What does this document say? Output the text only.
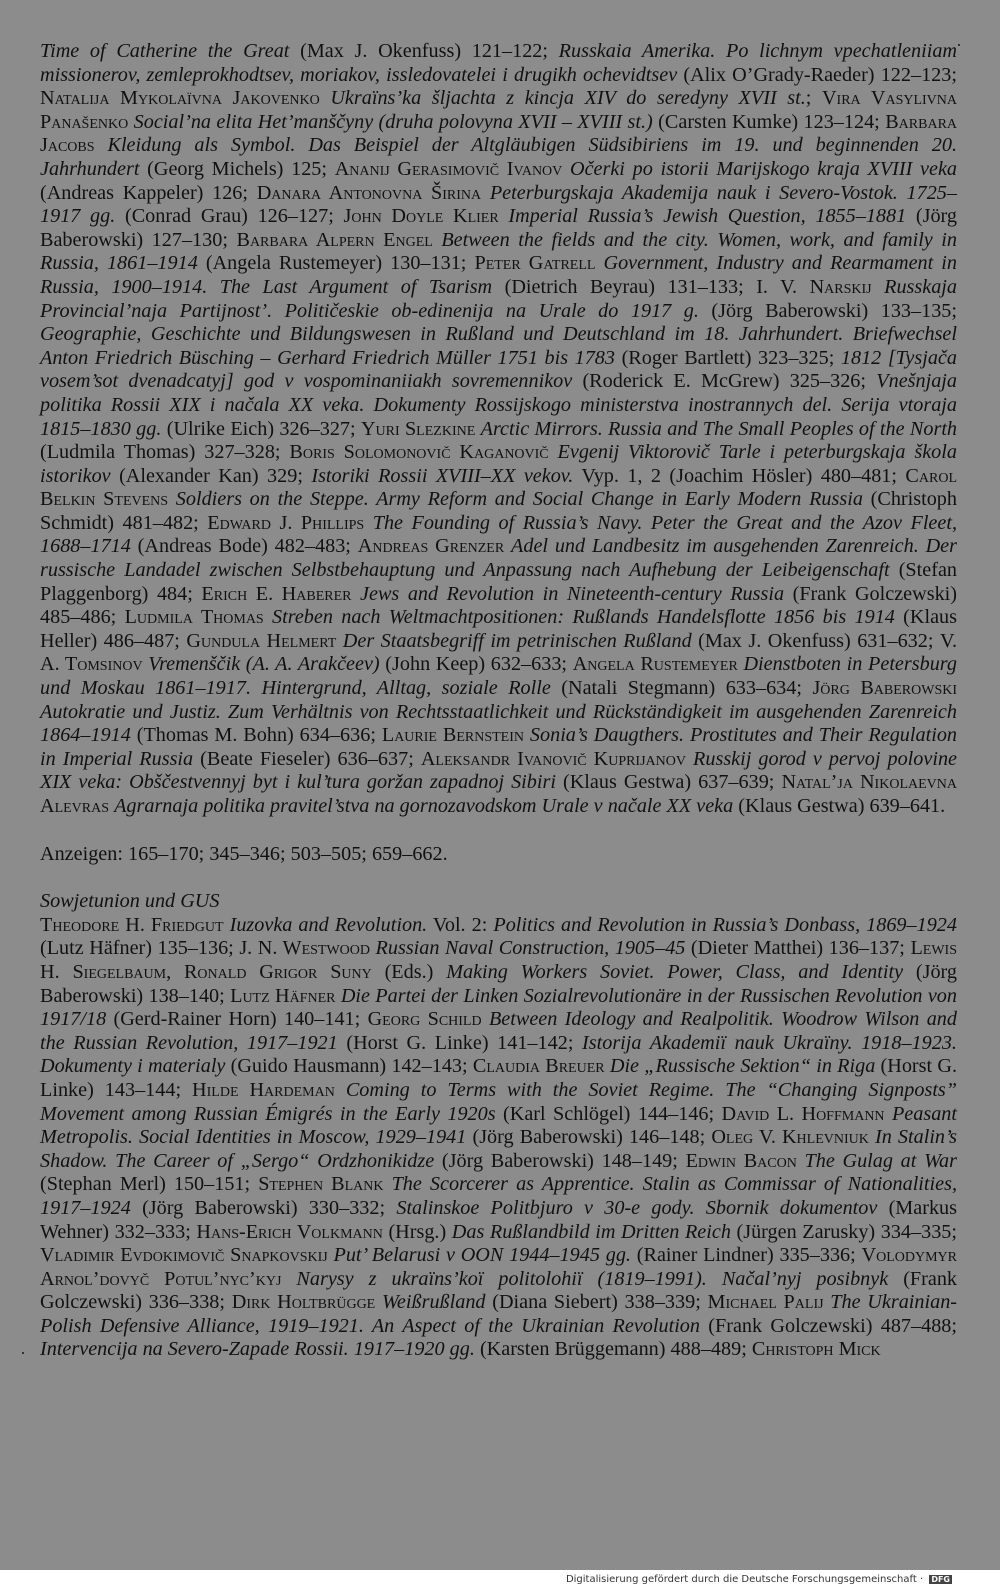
Time of Catherine the Great (Max J. Okenfuss) 121–122; Russkaia Amerika. Po lichnym vpechatleniiam missionerov, zemleprokhodtsev, moriakov, issledovatelei i drugikh ochevidtsev (Alix O’Grady-Raeder) 122–123; Natalija Mykolaïvna Jakovenko Ukraïns’ka šljachta z kincja XIV do seredyny XVII st.; Vira Vasylivna Panašenko Social’na elita Het’manščyny (druha polovyna XVII – XVIII st.) (Carsten Kumke) 123–124; Barbara Jacobs Kleidung als Symbol. Das Beispiel der Altgläubigen Südsibiriens im 19. und beginnenden 20. Jahrhundert (Georg Michels) 125; Ananij Gerasimovič Ivanov Očerki po istorii Marijskogo kraja XVIII veka (Andreas Kappeler) 126; Danara Antonovna Širina Peterburgskaja Akademija nauk i Severo-Vostok. 1725–1917 gg. (Conrad Grau) 126–127; John Doyle Klier Imperial Russia’s Jewish Question, 1855–1881 (Jörg Baberowski) 127–130; Barbara Alpern Engel Between the fields and the city. Women, work, and family in Russia, 1861–1914 (Angela Rustemeyer) 130–131; Peter Gatrell Government, Industry and Rearmament in Russia, 1900–1914. The Last Argument of Tsarism (Dietrich Beyrau) 131–133; I. V. Narskij Russkaja Provincial’naja Partijnost’. Političeskie ob-edinenija na Urale do 1917 g. (Jörg Baberowski) 133–135; Geographie, Geschichte und Bildungswesen in Rußland und Deutschland im 18. Jahrhundert. Briefwechsel Anton Friedrich Büsching – Gerhard Friedrich Müller 1751 bis 1783 (Roger Bartlett) 323–325; 1812 [Tysjača vosem’sot dvenadcatyj] god v vospominaniiakh sovremennikov (Roderick E. McGrew) 325–326; Vnešnjaja politika Rossii XIX i načala XX veka. Dokumenty Rossijskogo ministerstva inostrannych del. Serija vtoraja 1815–1830 gg. (Ulrike Eich) 326–327; Yuri Slezkine Arctic Mirrors. Russia and The Small Peoples of the North (Ludmila Thomas) 327–328; Boris Solomonovič Kaganovič Evgenij Viktorovič Tarle i peterburgskaja škola istorikov (Alexander Kan) 329; Istoriki Rossii XVIII–XX vekov. Vyp. 1, 2 (Joachim Hösler) 480–481; Carol Belkin Stevens Soldiers on the Steppe. Army Reform and Social Change in Early Modern Russia (Christoph Schmidt) 481–482; Edward J. Phillips The Founding of Russia’s Navy. Peter the Great and the Azov Fleet, 1688–1714 (Andreas Bode) 482–483; Andreas Grenzer Adel und Landbesitz im ausgehenden Zarenreich. Der russische Landadel zwischen Selbstbehauptung und Anpassung nach Aufhebung der Leibeigenschaft (Stefan Plaggenborg) 484; Erich E. Haberer Jews and Revolution in Nineteenth-century Russia (Frank Golczewski) 485–486; Ludmila Thomas Streben nach Weltmachtpositionen: Rußlands Handelsflotte 1856 bis 1914 (Klaus Heller) 486–487; Gundula Helmert Der Staatsbegriff im petrinischen Rußland (Max J. Okenfuss) 631–632; V. A. Tomsinov Vremenščik (A. A. Arakčeev) (John Keep) 632–633; Angela Rustemeyer Dienstboten in Petersburg und Moskau 1861–1917. Hintergrund, Alltag, soziale Rolle (Natali Stegmann) 633–634; Jörg Baberowski Autokratie und Justiz. Zum Verhältnis von Rechtsstaatlichkeit und Rückständigkeit im ausgehenden Zarenreich 1864–1914 (Thomas M. Bohn) 634–636; Laurie Bernstein Sonia’s Daugthers. Prostitutes and Their Regulation in Imperial Russia (Beate Fieseler) 636–637; Aleksandr Ivanovič Kuprijanov Russkij gorod v pervoj polovine XIX veka: Obščestvennyj byt i kul’tura goržan zapadnoj Sibiri (Klaus Gestwa) 637–639; Natal’ja Nikolaevna Alevras Agrarnaja politika pravitel’stva na gornozavodskom Urale v načale XX veka (Klaus Gestwa) 639–641.

Anzeigen: 165–170; 345–346; 503–505; 659–662.

Sowjetunion und GUS

Theodore H. Friedgut Iuzovka and Revolution. Vol. 2: Politics and Revolution in Russia’s Donbass, 1869–1924 (Lutz Häfner) 135–136; J. N. Westwood Russian Naval Construction, 1905–45 (Dieter Matthei) 136–137; Lewis H. Siegelbaum, Ronald Grigor Suny (Eds.) Making Workers Soviet. Power, Class, and Identity (Jörg Baberowski) 138–140; Lutz Häfner Die Partei der Linken Sozialrevolutionäre in der Russischen Revolution von 1917/18 (Gerd-Rainer Horn) 140–141; Georg Schild Between Ideology and Realpolitik. Woodrow Wilson and the Russian Revolution, 1917–1921 (Horst G. Linke) 141–142; Istorija Akademiï nauk Ukraïny. 1918–1923. Dokumenty i materialy (Guido Hausmann) 142–143; Claudia Breuer Die „Russische Sektion“ in Riga (Horst G. Linke) 143–144; Hilde Hardeman Coming to Terms with the Soviet Regime. The “Changing Signposts” Movement among Russian Émigrés in the Early 1920s (Karl Schlögel) 144–146; David L. Hoffmann Peasant Metropolis. Social Identities in Moscow, 1929–1941 (Jörg Baberowski) 146–148; Oleg V. Khlevniuk In Stalin’s Shadow. The Career of „Sergo“ Ordzhonikidze (Jörg Baberowski) 148–149; Edwin Bacon The Gulag at War (Stephan Merl) 150–151; Stephen Blank The Scorcerer as Apprentice. Stalin as Commissar of Nationalities, 1917–1924 (Jörg Baberowski) 330–332; Stalinskoe Politbjuro v 30-e gody. Sbornik dokumentov (Markus Wehner) 332–333; Hans-Erich Volkmann (Hrsg.) Das Rußlandbild im Dritten Reich (Jürgen Zarusky) 334–335; Vladimir Evdokimovič Snapkovskij Put’ Belarusi v OON 1944–1945 gg. (Rainer Lindner) 335–336; Volodymyr Arnol’dovyč Potul’nyc’kyj Narysy z ukraïns’koï politolohiï (1819–1991). Načal’nyj posibnyk (Frank Golczewski) 336–338; Dirk Holtbrügge Weißrußland (Diana Siebert) 338–339; Michael Palij The Ukrainian-Polish Defensive Alliance, 1919–1921. An Aspect of the Ukrainian Revolution (Frank Golczewski) 487–488; Intervencija na Severo-Zapade Rossii. 1917–1920 gg. (Karsten Brüggemann) 488–489; Christoph Mick

Digitalisierung gefördert durch die Deutsche Forschungsgemeinschaft · DFG
